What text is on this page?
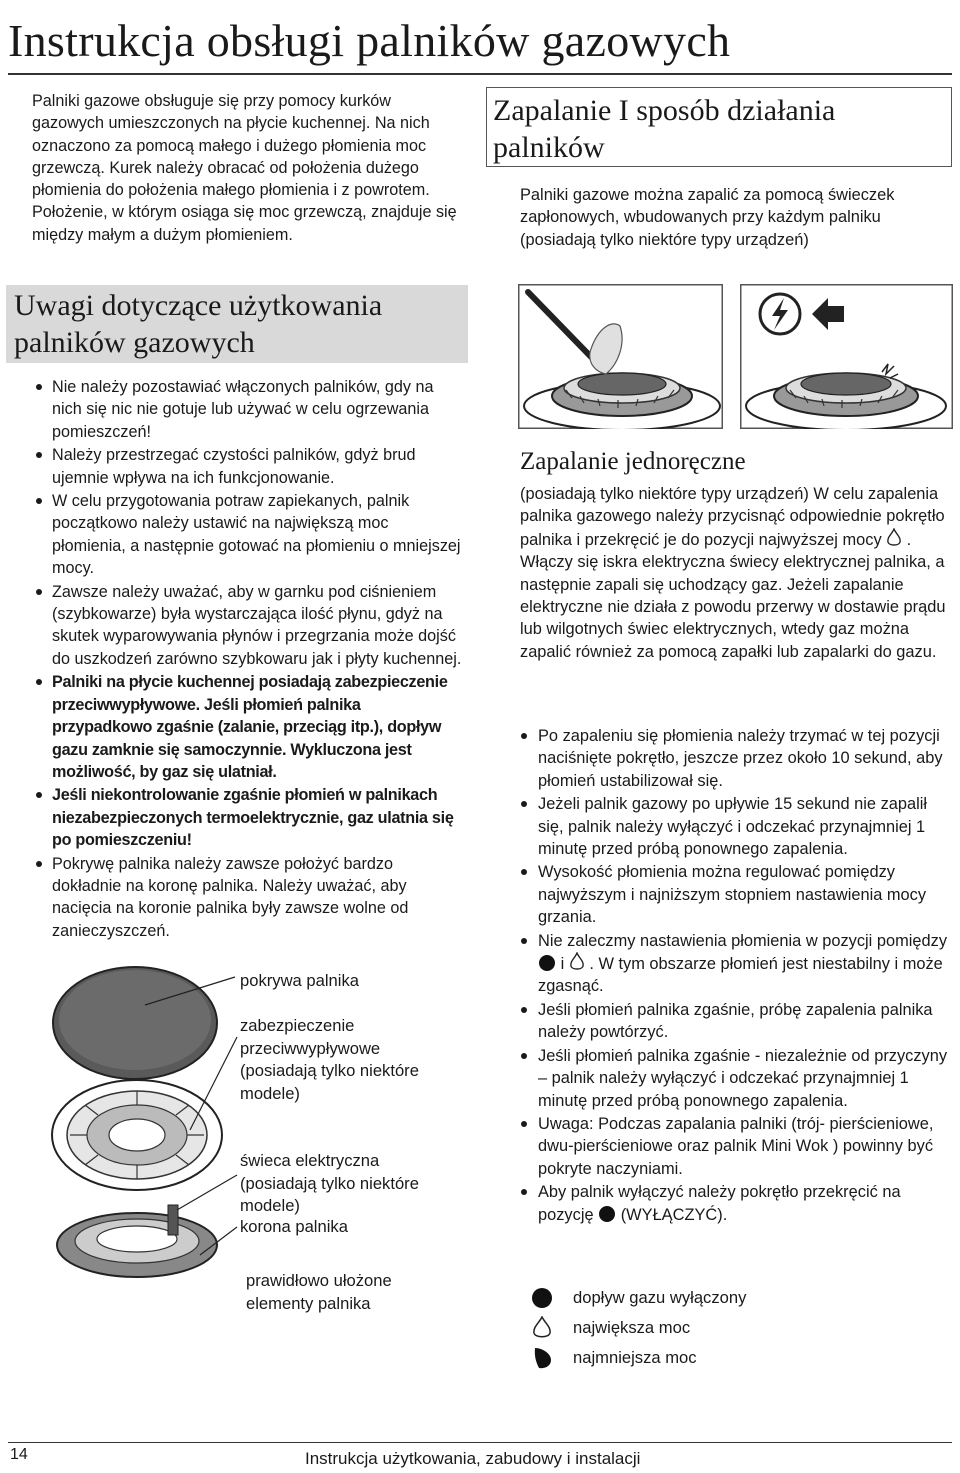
Instrukcja obsługi palników gazowych

Palniki gazowe obsługuje się przy pomocy kurków gazowych umieszczonych na płycie kuchennej. Na nich oznaczono za pomocą małego i dużego płomienia moc grzewczą. Kurek należy obracać od położenia dużego płomienia do położenia małego płomienia i z powrotem. Położenie, w którym osiąga się moc grzewczą, znajduje się między małym a dużym płomieniem.

Uwagi dotyczące użytkowania palników gazowych
Nie należy pozostawiać włączonych palników, gdy na nich się nic nie gotuje lub używać w celu ogrzewania pomieszczeń!
Należy przestrzegać czystości palników, gdyż brud ujemnie wpływa na ich funkcjonowanie.
W celu przygotowania potraw zapiekanych, palnik początkowo należy ustawić na największą moc płomienia, a następnie gotować na płomieniu o mniejszej mocy.
Zawsze należy uważać, aby w garnku pod ciśnieniem (szybkowarze) była wystarczająca ilość płynu, gdyż na skutek wyparowywania płynów i przegrzania może dojść do uszkodzeń zarówno szybkowaru jak i płyty kuchennej.
Palniki na płycie kuchennej posiadają zabezpieczenie przeciwwypływowe. Jeśli płomień palnika przypadkowo zgaśnie (zalanie, przeciąg itp.), dopływ gazu zamknie się samoczynnie. Wykluczona jest możliwość, by gaz się ulatniał.
Jeśli niekontrolowanie zgaśnie płomień w palnikach niezabezpieczonych termoelektrycznie, gaz ulatnia się po pomieszczeniu!
Pokrywę palnika należy zawsze położyć bardzo dokładnie na koronę palnika. Należy uważać, aby nacięcia na koronie palnika były zawsze wolne od zanieczyszczeń.
pokrywa palnika
zabezpieczenie przeciwwypływowe (posiadają tylko niektóre modele)
świeca elektryczna (posiadają tylko niektóre modele)
korona palnika
prawidłowo ułożone elementy palnika
Zapalanie I sposób działania palników

Palniki gazowe można zapalić za pomocą świeczek zapłonowych, wbudowanych przy każdym palniku (posiadają tylko niektóre typy urządzeń)

Zapalanie jednoręczne
(posiadają tylko niektóre typy urządzeń) W celu zapalenia palnika gazowego należy przycisnąć odpowiednie pokrętło palnika i przekręcić je do pozycji najwyższej mocy . Włączy się iskra elektryczna świecy elektrycznej palnika, a następnie zapali się uchodzący gaz. Jeżeli zapalanie elektryczne nie działa z powodu przerwy w dostawie prądu lub wilgotnych świec elektrycznych, wtedy gaz można zapalić również za pomocą zapałki lub zapalarki do gazu.
Po zapaleniu się płomienia należy trzymać w tej pozycji naciśnięte pokrętło, jeszcze przez około 10 sekund, aby płomień ustabilizował się.
Jeżeli palnik gazowy po upływie 15 sekund nie zapalił się, palnik należy wyłączyć i odczekać przynajmniej 1 minutę przed próbą ponownego zapalenia.
Wysokość płomienia można regulować pomiędzy najwyższym i najniższym stopniem nastawienia mocy grzania.
Nie zaleczmy nastawienia płomienia w pozycji pomiędzy  i . W tym obszarze płomień jest niestabilny i może zgasnąć.
Jeśli płomień palnika zgaśnie, próbę zapalenia palnika należy powtórzyć.
Jeśli płomień palnika zgaśnie - niezależnie od przyczyny – palnik należy wyłączyć i odczekać przynajmniej 1 minutę przed próbą ponownego zapalenia.
Uwaga: Podczas zapalania palniki (trój- pierścieniowe, dwu-pierścieniowe oraz palnik Mini Wok ) powinny być pokryte naczyniami.
Aby palnik wyłączyć należy pokrętło przekręcić na pozycję (WYŁĄCZYĆ).
dopływ gazu wyłączony
największa moc
najmniejsza moc
14	Instrukcja użytkowania, zabudowy i instalacji
